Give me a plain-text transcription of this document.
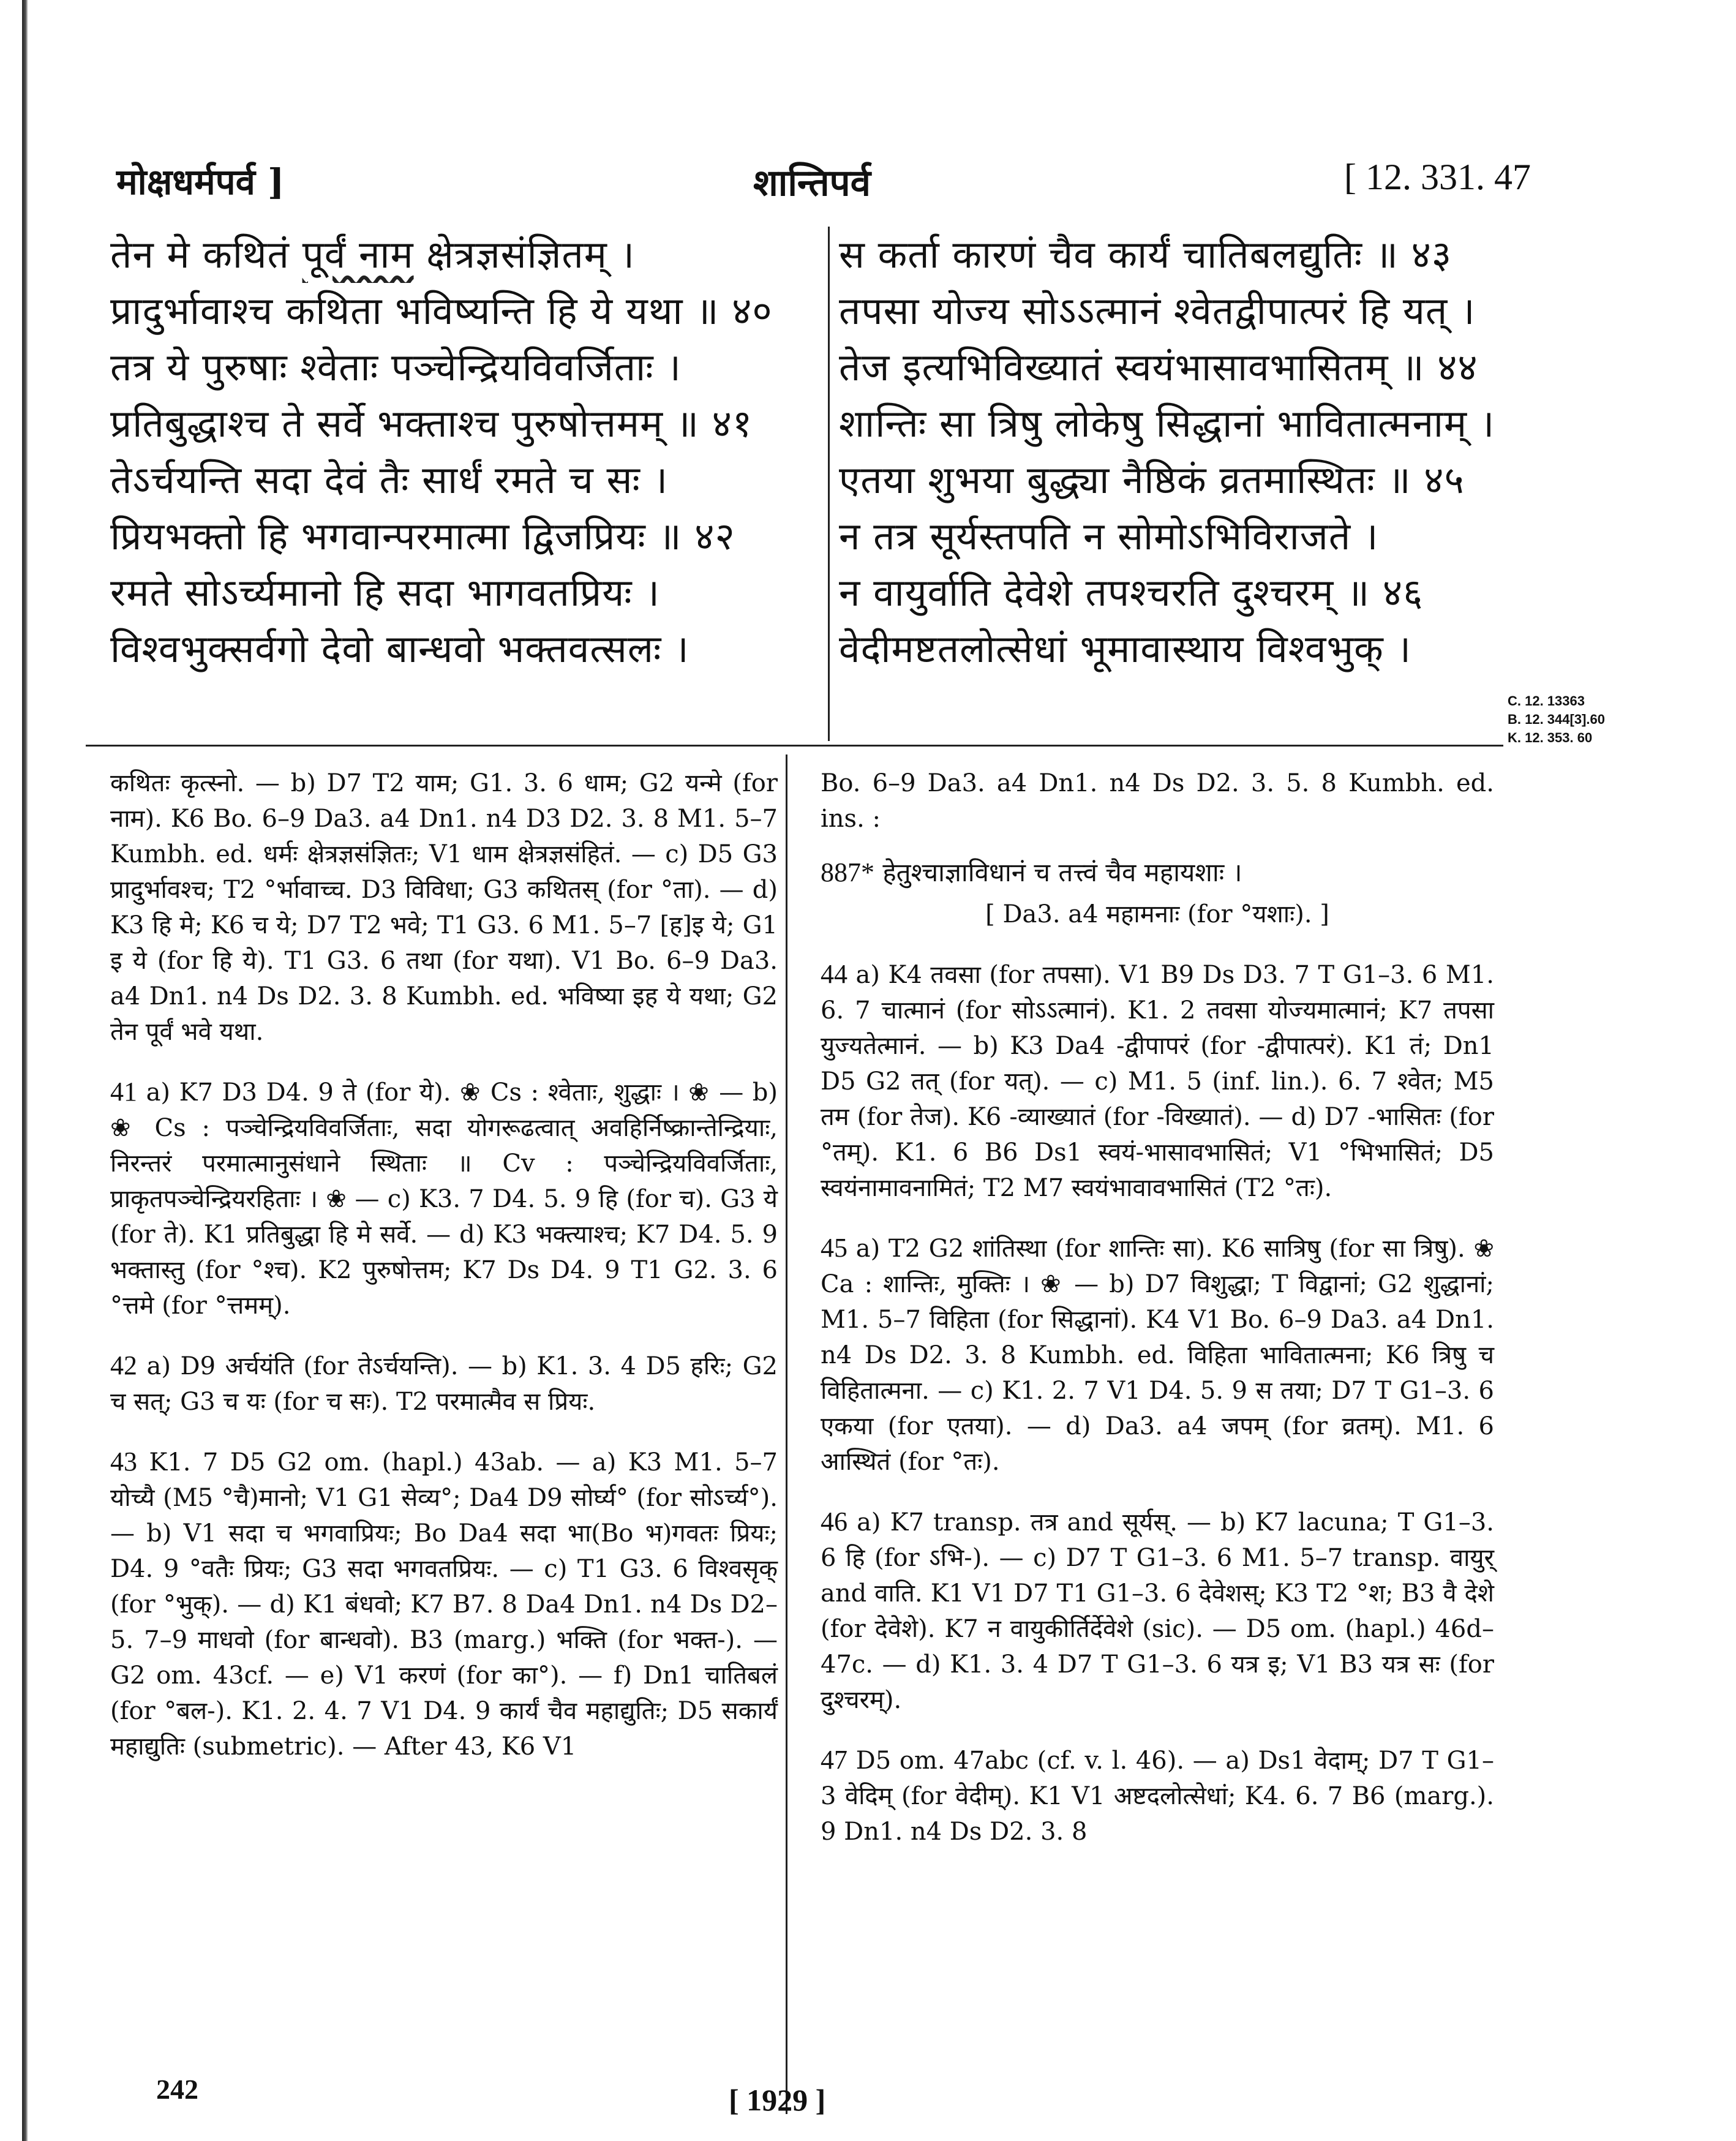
मोक्षधर्मपर्व ]	शान्तिपर्व	[ 12. 331. 47
तेन मे कथितं पूर्वं नाम क्षेत्रज्ञसंज्ञितम् ।
प्रादुर्भावाश्च कथिता भविष्यन्ति हि ये यथा ॥ ४०
तत्र ये पुरुषाः श्वेताः पञ्चेन्द्रियविवर्जिताः ।
प्रतिबुद्धाश्च ते सर्वे भक्ताश्च पुरुषोत्तमम् ॥ ४१
तेऽर्चयन्ति सदा देवं तैः सार्धं रमते च सः ।
प्रियभक्तो हि भगवान्परमात्मा द्विजप्रियः ॥ ४२
रमते सोऽर्च्यमानो हि सदा भागवतप्रियः ।
विश्वभुक्सर्वगो देवो बान्धवो भक्तवत्सलः ।
स कर्ता कारणं चैव कार्यं चातिबलद्युतिः ॥ ४३
तपसा योज्य सोऽऽत्मानं श्वेतद्वीपात्परं हि यत् ।
तेज इत्यभिविख्यातं स्वयंभासावभासितम् ॥ ४४
शान्तिः सा त्रिषु लोकेषु सिद्धानां भावितात्मनाम् ।
एतया शुभया बुद्ध्या नैष्ठिकं व्रतमास्थितः ॥ ४५
न तत्र सूर्यस्तपति न सोमोऽभिविराजते ।
न वायुर्वाति देवेशे तपश्चरति दुश्चरम् ॥ ४६
वेदीमष्टतलोत्सेधां भूमावास्थाय विश्वभुक् ।
C. 12. 13363
B. 12. 344[3].60
K. 12. 353. 60
कथितः कृत्स्नो. — b) D7 T2 याम; G1. 3. 6 धाम; G2 यन्मे (for नाम). K6 Bo. 6–9 Da3. a4 Dn1. n4 D3 D2. 3. 8 M1. 5–7 Kumbh. ed. धर्मः क्षेत्रज्ञसंज्ञितः; V1 धाम क्षेत्रज्ञसंहितं. — c) D5 G3 प्रादुर्भावश्च; T2 °र्भावाच्च. D3 विविधा; G3 कथितस् (for °ता). — d) K3 हि मे; K6 च ये; D7 T2 भवे; T1 G3. 6 M1. 5–7 [ह]इ ये; G1 इ ये (for हि ये). T1 G3. 6 तथा (for यथा). V1 Bo. 6–9 Da3. a4 Dn1. n4 Ds D2. 3. 8 Kumbh. ed. भविष्या इह ये यथा; G2 तेन पूर्वं भवे यथा.
41 a) K7 D3 D4. 9 ते (for ये). ❀ Cs : श्वेताः, शुद्धाः । ❀ — b) ❀ Cs : पञ्चेन्द्रियविवर्जिताः, सदा योगरूढत्वात् अवहिर्निष्क्रान्तेन्द्रियाः, निरन्तरं परमात्मानुसंधाने स्थिताः ॥ Cv : पञ्चेन्द्रियविवर्जिताः, प्राकृतपञ्चेन्द्रियरहिताः । ❀ — c) K3. 7 D4. 5. 9 हि (for च). G3 ये (for ते). K1 प्रतिबुद्धा हि मे सर्वे. — d) K3 भक्त्याश्च; K7 D4. 5. 9 भक्तास्तु (for °श्च). K2 पुरुषोत्तम; K7 Ds D4. 9 T1 G2. 3. 6 °त्तमे (for °त्तमम्).
42 a) D9 अर्चयंति (for तेऽर्चयन्ति). — b) K1. 3. 4 D5 हरिः; G2 च सत्; G3 च यः (for च सः). T2 परमात्मैव स प्रियः.
43 K1. 7 D5 G2 om. (hapl.) 43ab. — a) K3 M1. 5–7 योच्यै (M5 °चै)मानो; V1 G1 सेव्य°; Da4 D9 सोर्घ्य° (for सोऽर्च्य°). — b) V1 सदा च भगवाप्रियः; Bo Da4 सदा भा(Bo भ)गवतः प्रियः; D4. 9 °वतैः प्रियः; G3 सदा भगवतप्रियः. — c) T1 G3. 6 विश्वसृक् (for °भुक्). — d) K1 बंधवो; K7 B7. 8 Da4 Dn1. n4 Ds D2–5. 7–9 माधवो (for बान्धवो). B3 (marg.) भक्ति (for भक्त-). — G2 om. 43cf. — e) V1 करणं (for का°). — f) Dn1 चातिबलं (for °बल-). K1. 2. 4. 7 V1 D4. 9 कार्यं चैव महाद्युतिः; D5 सकार्यं महाद्युतिः (submetric). — After 43, K6 V1
Bo. 6–9 Da3. a4 Dn1. n4 Ds D2. 3. 5. 8 Kumbh. ed. ins. :
887* हेतुश्चाज्ञाविधानं च तत्त्वं चैव महायशाः ।
[ Da3. a4 महामनाः (for °यशाः). ]
44 a) K4 तवसा (for तपसा). V1 B9 Ds D3. 7 T G1–3. 6 M1. 6. 7 चात्मानं (for सोऽऽत्मानं). K1. 2 तवसा योज्यमात्मानं; K7 तपसा युज्यतेत्मानं. — b) K3 Da4 -द्वीपापरं (for -द्वीपात्परं). K1 तं; Dn1 D5 G2 तत् (for यत्). — c) M1. 5 (inf. lin.). 6. 7 श्वेत; M5 तम (for तेज). K6 -व्याख्यातं (for -विख्यातं). — d) D7 -भासितः (for °तम्). K1. 6 B6 Ds1 स्वयं-भासावभासितं; V1 °भिभासितं; D5 स्वयंनामावनामितं; T2 M7 स्वयंभावावभासितं (T2 °तः).
45 a) T2 G2 शांतिस्था (for शान्तिः सा). K6 सात्रिषु (for सा त्रिषु). ❀ Ca : शान्तिः, मुक्तिः । ❀ — b) D7 विशुद्धा; T विद्वानां; G2 शुद्धानां; M1. 5–7 विहिता (for सिद्धानां). K4 V1 Bo. 6–9 Da3. a4 Dn1. n4 Ds D2. 3. 8 Kumbh. ed. विहिता भावितात्मना; K6 त्रिषु च विहितात्मना. — c) K1. 2. 7 V1 D4. 5. 9 स तया; D7 T G1–3. 6 एकया (for एतया). — d) Da3. a4 जपम् (for व्रतम्). M1. 6 आस्थितं (for °तः).
46 a) K7 transp. तत्र and सूर्यस्. — b) K7 lacuna; T G1–3. 6 हि (for ऽभि-). — c) D7 T G1–3. 6 M1. 5–7 transp. वायुर् and वाति. K1 V1 D7 T1 G1–3. 6 देवेशस्; K3 T2 °श; B3 वै देशे (for देवेशे). K7 न वायुकीर्तिर्देवेशे (sic). — D5 om. (hapl.) 46d–47c. — d) K1. 3. 4 D7 T G1–3. 6 यत्र इ; V1 B3 यत्र सः (for दुश्चरम्).
47 D5 om. 47abc (cf. v. l. 46). — a) Ds1 वेदाम्; D7 T G1–3 वेदिम् (for वेदीम्). K1 V1 अष्टदलोत्सेधां; K4. 6. 7 B6 (marg.). 9 Dn1. n4 Ds D2. 3. 8
242	[ 1929 ]
